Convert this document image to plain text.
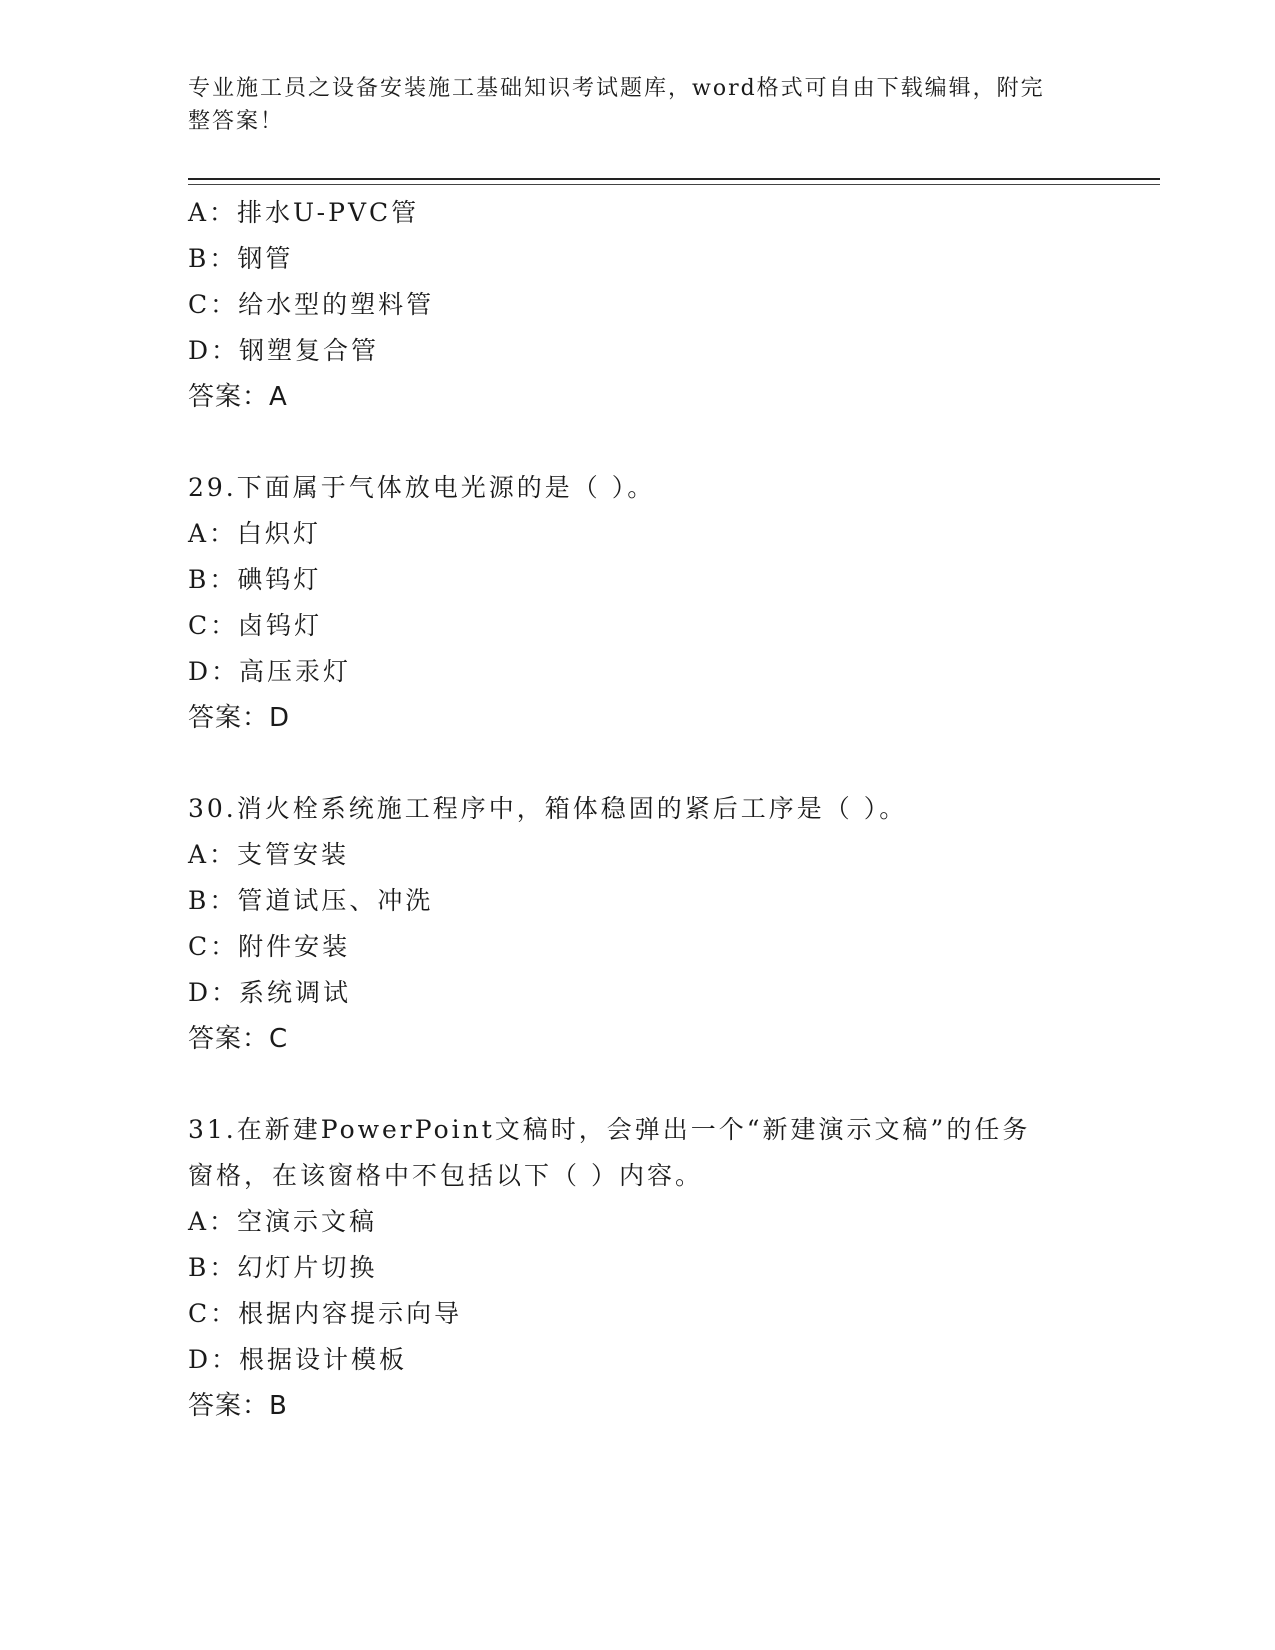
专业施工员之设备安装施工基础知识考试题库，word格式可自由下载编辑，附完
整答案！
A：排水U-PVC管
B：钢管
C：给水型的塑料管
D：钢塑复合管
答案：A
29.下面属于气体放电光源的是（ ）。
A：白炽灯
B：碘钨灯
C：卤钨灯
D：高压汞灯
答案：D
30.消火栓系统施工程序中，箱体稳固的紧后工序是（ ）。
A：支管安装
B：管道试压、冲洗
C：附件安装
D：系统调试
答案：C
31.在新建PowerPoint文稿时，会弹出一个“新建演示文稿”的任务
窗格，在该窗格中不包括以下（ ）内容。
A：空演示文稿
B：幻灯片切换
C：根据内容提示向导
D：根据设计模板
答案：B
